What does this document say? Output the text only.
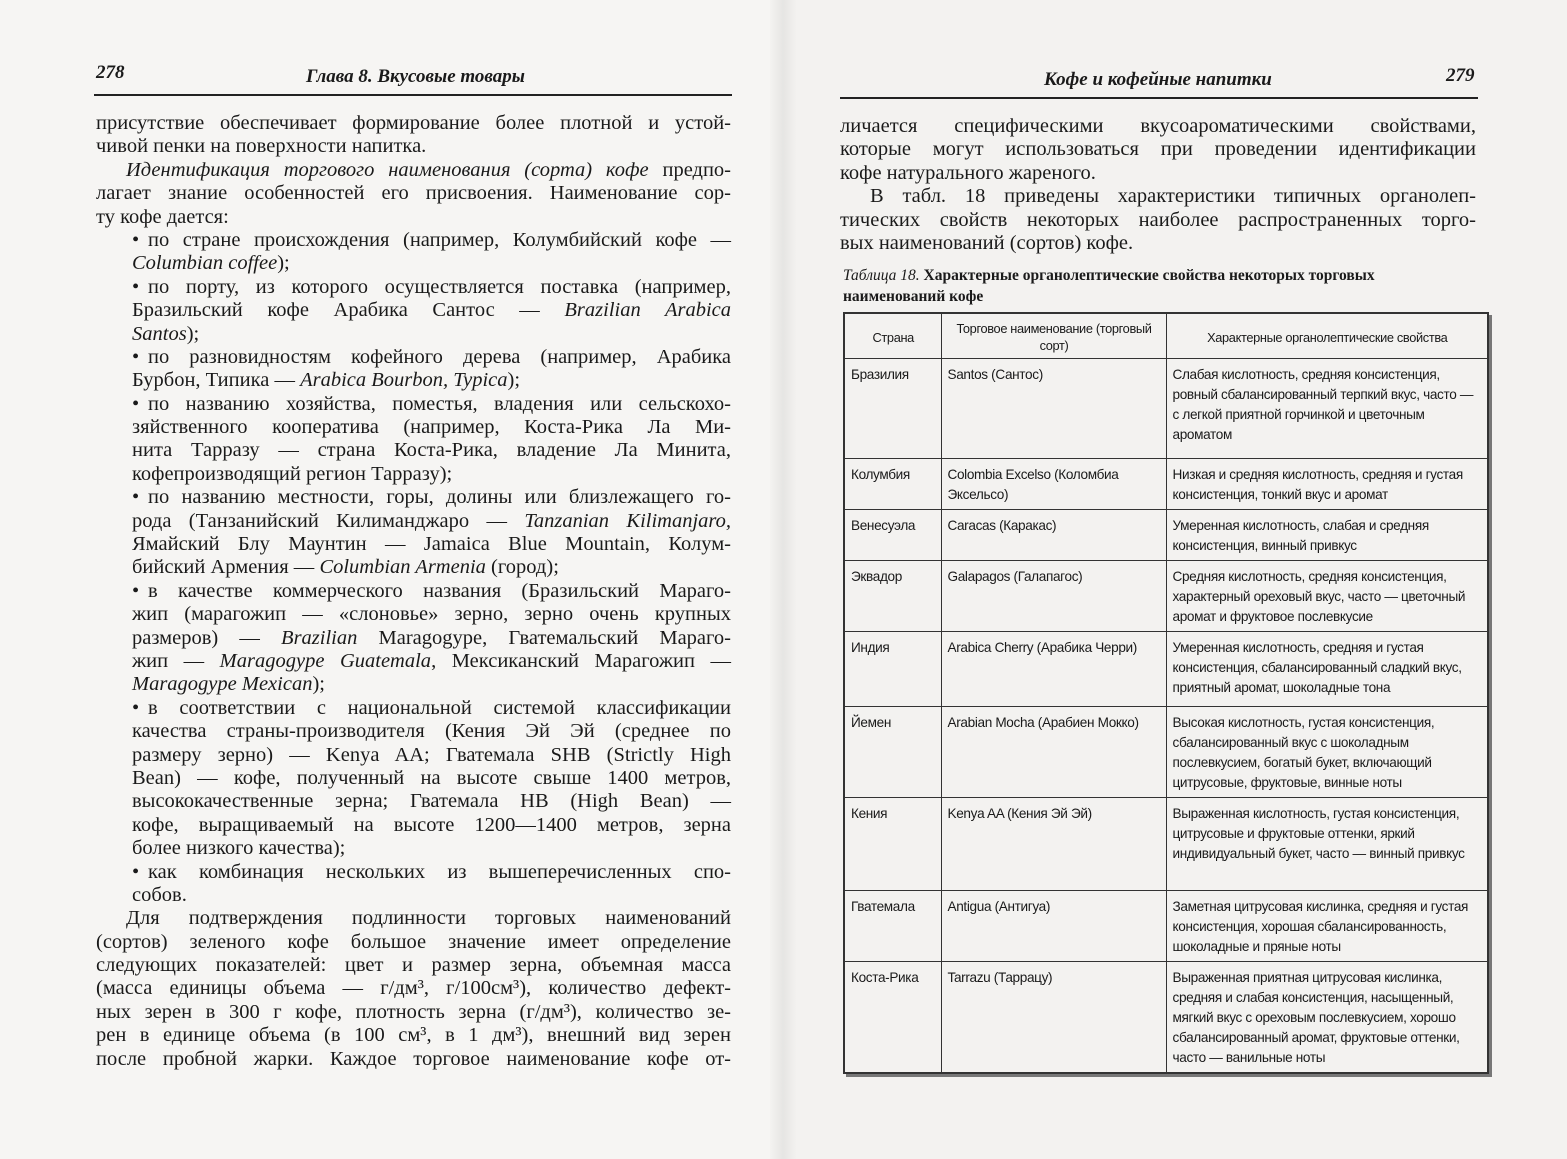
278	Глава 8. Вкусовые товары	Кофе и кофейные напитки	279
присутствие обеспечивает формирование более плотной и устой-
чивой пенки на поверхности напитка.
Идентификация торгового наименования (сорта) кофе предпо-
лагает знание особенностей его присвоения. Наименование сор-
ту кофе дается:
• по стране происхождения (например, Колумбийский кофе —
Columbian coffee);
• по порту, из которого осуществляется поставка (например,
Бразильский кофе Арабика Сантос — Brazilian Arabica
Santos);
• по разновидностям кофейного дерева (например, Арабика
Бурбон, Типика — Arabica Bourbon, Typica);
• по названию хозяйства, поместья, владения или сельскохо-
зяйственного кооператива (например, Коста-Рика Ла Ми-
нита Тарразу — страна Коста-Рика, владение Ла Минита,
кофепроизводящий регион Тарразу);
• по названию местности, горы, долины или близлежащего го-
рода (Танзанийский Килиманджаро — Tanzanian Kilimanjaro,
Ямайский Блу Маунтин — Jamaica Blue Mountain, Колум-
бийский Армения — Columbian Armenia (город);
• в качестве коммерческого названия (Бразильский Марaго-
жип (марагожип — «слоновье» зерно, зерно очень крупных
размеров) — Brazilian Maragogype, Гватемальский Марaго-
жип — Maragogype Guatemala, Мексиканский Марагожип —
Maragogype Mexican);
• в соответствии с национальной системой классификации
качества страны-производителя (Кения Эй Эй (среднее по
размеру зерно) — Kenya AA; Гватемала SHB (Strictly High
Bean) — кофе, полученный на высоте свыше 1400 метров,
высококачественные зерна; Гватемала HB (High Bean) —
кофе, выращиваемый на высоте 1200—1400 метров, зерна
более низкого качества);
• как комбинация нескольких из вышеперечисленных спо-
собов.
Для подтверждения подлинности торговых наименований
(сортов) зеленого кофе большое значение имеет определение
следующих показателей: цвет и размер зерна, объемная масса
(масса единицы объема — г/дм³, г/100см³), количество дефект-
ных зерен в 300 г кофе, плотность зерна (г/дм³), количество зе-
рен в единице объема (в 100 см³, в 1 дм³), внешний вид зерен
после пробной жарки. Каждое торговое наименование кофе от-
личается специфическими вкусоароматическими свойствами,
которые могут использоваться при проведении идентификации
кофе натурального жареного.
В табл. 18 приведены характеристики типичных органолеп-
тических свойств некоторых наиболее распространенных торго-
вых наименований (сортов) кофе.
Таблица 18. Характерные органолептические свойства некоторых торговых наименований кофе
Страна	Торговое наименование (торговый сорт)	Характерные органолептические свойства
Бразилия	Santos (Сантос)	Слабая кислотность, средняя консистенция, ровный сбалансированный терпкий вкус, часто — с легкой приятной горчинкой и цветочным ароматом
Колумбия	Colombia Excelso (Коломбиа Эксельсо)	Низкая и средняя кислотность, средняя и густая консистенция, тонкий вкус и аромат
Венесуэла	Caracas (Каракас)	Умеренная кислотность, слабая и средняя консистенция, винный привкус
Эквадор	Galapagos (Галапагос)	Средняя кислотность, средняя консистенция, характерный ореховый вкус, часто — цветочный аромат и фруктовое послевкусие
Индия	Arabica Cherry (Арабика Черри)	Умеренная кислотность, средняя и густая консистенция, сбалансированный сладкий вкус, приятный аромат, шоколадные тона
Йемен	Arabian Mocha (Арабиен Мокко)	Высокая кислотность, густая консистенция, сбалансированный вкус с шоколадным послевкусием, богатый букет, включающий цитрусовые, фруктовые, винные ноты
Кения	Kenya AA (Кения Эй Эй)	Выраженная кислотность, густая консистенция, цитрусовые и фруктовые оттенки, яркий индивидуальный букет, часто — винный привкус
Гватемала	Antigua (Антигуа)	Заметная цитрусовая кислинка, средняя и густая консистенция, хорошая сбалансированность, шоколадные и пряные ноты
Коста-Рика	Tarrazu (Таррацу)	Выраженная приятная цитрусовая кислинка, средняя и слабая консистенция, насыщенный, мягкий вкус с ореховым послевкусием, хорошо сбалансированный аромат, фруктовые оттенки, часто — ванильные ноты
